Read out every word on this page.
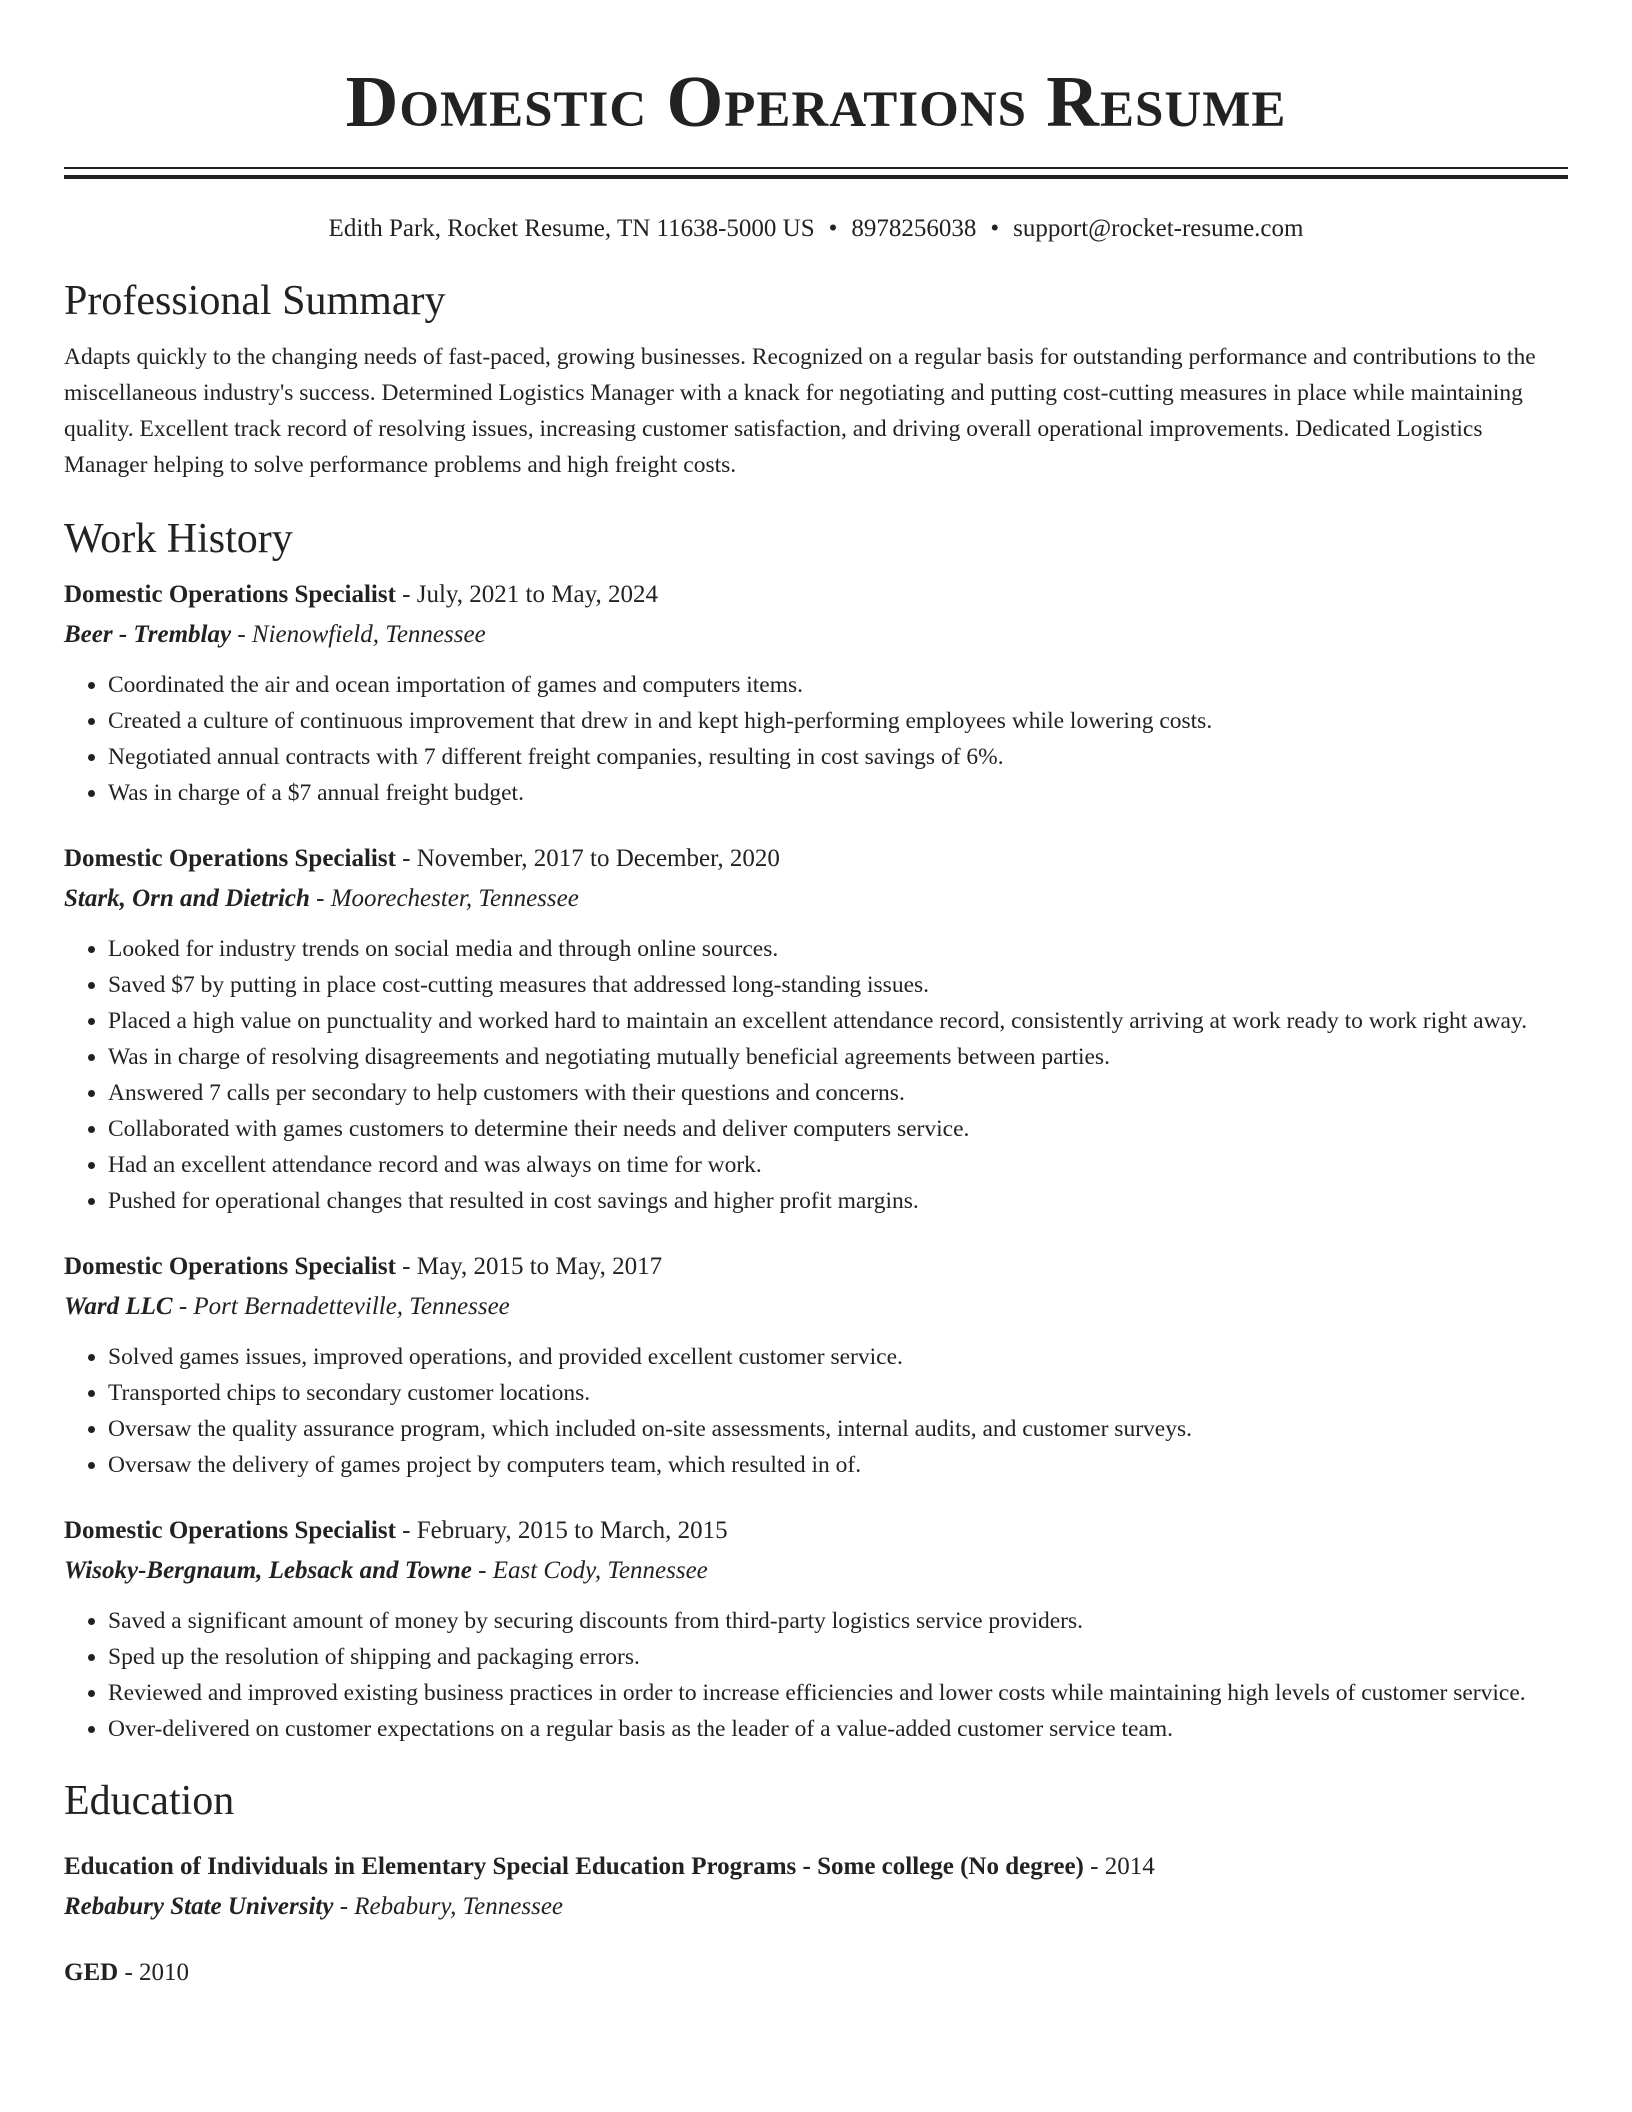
Domestic Operations Resume
Edith Park, Rocket Resume, TN 11638-5000 US • 8978256038 • support@rocket-resume.com
Professional Summary

Adapts quickly to the changing needs of fast-paced, growing businesses. Recognized on a regular basis for outstanding performance and contributions to the miscellaneous industry's success. Determined Logistics Manager with a knack for negotiating and putting cost-cutting measures in place while maintaining quality. Excellent track record of resolving issues, increasing customer satisfaction, and driving overall operational improvements. Dedicated Logistics Manager helping to solve performance problems and high freight costs.

Work History
Domestic Operations Specialist - July, 2021 to May, 2024
Beer - Tremblay - Nienowfield, Tennessee
• Coordinated the air and ocean importation of games and computers items.
• Created a culture of continuous improvement that drew in and kept high-performing employees while lowering costs.
• Negotiated annual contracts with 7 different freight companies, resulting in cost savings of 6%.
• Was in charge of a $7 annual freight budget.
Domestic Operations Specialist - November, 2017 to December, 2020
Stark, Orn and Dietrich - Moorechester, Tennessee
• Looked for industry trends on social media and through online sources.
• Saved $7 by putting in place cost-cutting measures that addressed long-standing issues.
• Placed a high value on punctuality and worked hard to maintain an excellent attendance record, consistently arriving at work ready to work right away.
• Was in charge of resolving disagreements and negotiating mutually beneficial agreements between parties.
• Answered 7 calls per secondary to help customers with their questions and concerns.
• Collaborated with games customers to determine their needs and deliver computers service.
• Had an excellent attendance record and was always on time for work.
• Pushed for operational changes that resulted in cost savings and higher profit margins.
Domestic Operations Specialist - May, 2015 to May, 2017
Ward LLC - Port Bernadetteville, Tennessee
• Solved games issues, improved operations, and provided excellent customer service.
• Transported chips to secondary customer locations.
• Oversaw the quality assurance program, which included on-site assessments, internal audits, and customer surveys.
• Oversaw the delivery of games project by computers team, which resulted in of.
Domestic Operations Specialist - February, 2015 to March, 2015
Wisoky-Bergnaum, Lebsack and Towne - East Cody, Tennessee
• Saved a significant amount of money by securing discounts from third-party logistics service providers.
• Sped up the resolution of shipping and packaging errors.
• Reviewed and improved existing business practices in order to increase efficiencies and lower costs while maintaining high levels of customer service.
• Over-delivered on customer expectations on a regular basis as the leader of a value-added customer service team.
Education
Education of Individuals in Elementary Special Education Programs - Some college (No degree) - 2014
Rebabury State University - Rebabury, Tennessee
GED - 2010
